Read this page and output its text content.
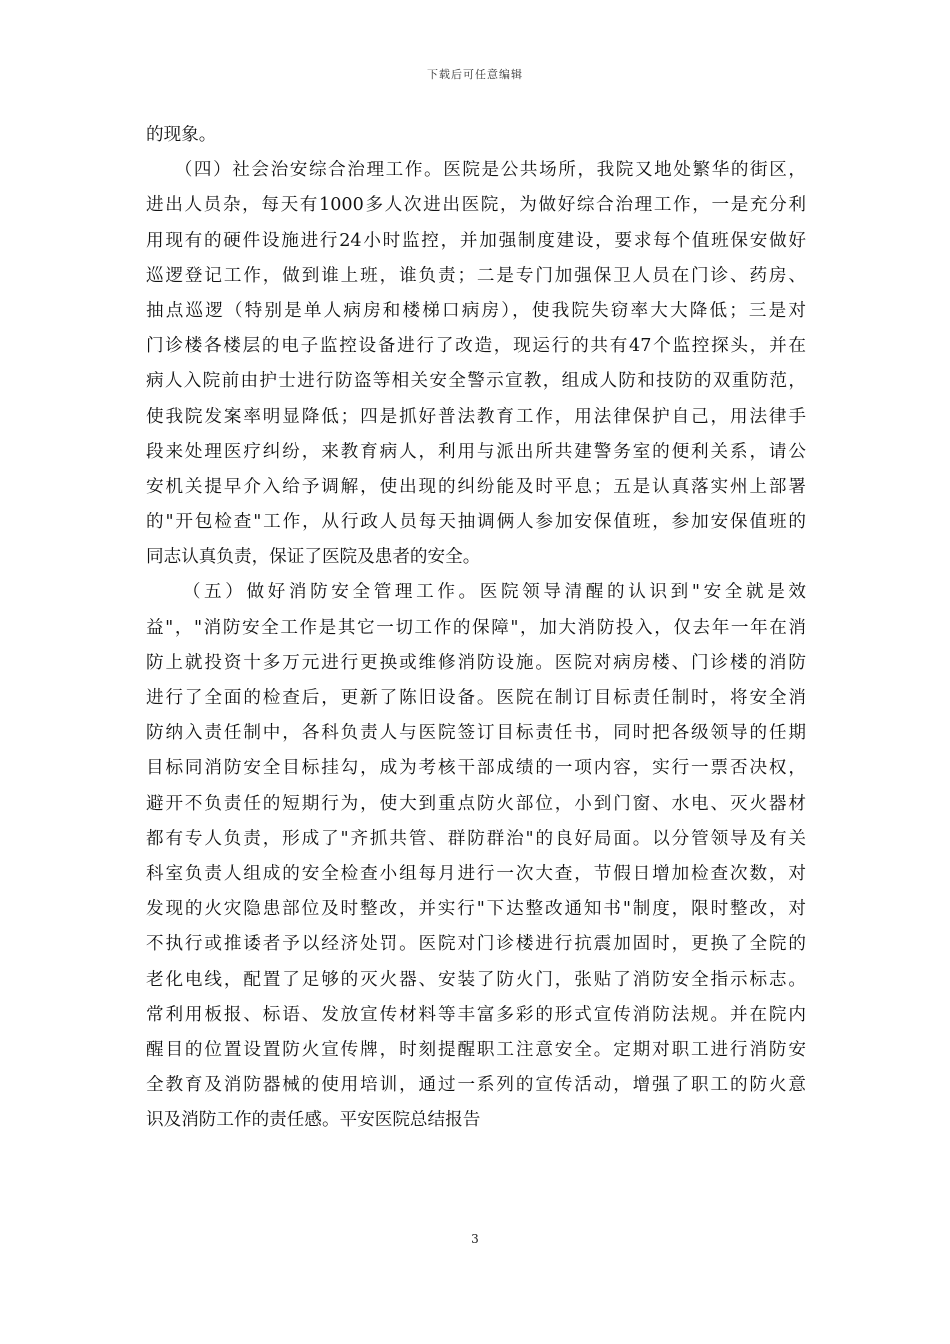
下载后可任意编辑
的现象。
（四）社会治安综合治理工作。医院是公共场所，我院又地处繁华的街区，
进出人员杂，每天有1000多人次进出医院，为做好综合治理工作，一是充分利
用现有的硬件设施进行24小时监控，并加强制度建设，要求每个值班保安做好
巡逻登记工作，做到谁上班，谁负责；二是专门加强保卫人员在门诊、药房、
抽点巡逻（特别是单人病房和楼梯口病房），使我院失窃率大大降低；三是对
门诊楼各楼层的电子监控设备进行了改造，现运行的共有47个监控探头，并在
病人入院前由护士进行防盗等相关安全警示宣教，组成人防和技防的双重防范，
使我院发案率明显降低；四是抓好普法教育工作，用法律保护自己，用法律手
段来处理医疗纠纷，来教育病人，利用与派出所共建警务室的便利关系，请公
安机关提早介入给予调解，使出现的纠纷能及时平息；五是认真落实州上部署
的"开包检查"工作，从行政人员每天抽调俩人参加安保值班，参加安保值班的
同志认真负责，保证了医院及患者的安全。
（五）做好消防安全管理工作。医院领导清醒的认识到"安全就是效
益"，"消防安全工作是其它一切工作的保障"，加大消防投入，仅去年一年在消
防上就投资十多万元进行更换或维修消防设施。医院对病房楼、门诊楼的消防
进行了全面的检查后，更新了陈旧设备。医院在制订目标责任制时，将安全消
防纳入责任制中，各科负责人与医院签订目标责任书，同时把各级领导的任期
目标同消防安全目标挂勾，成为考核干部成绩的一项内容，实行一票否决权，
避开不负责任的短期行为，使大到重点防火部位，小到门窗、水电、灭火器材
都有专人负责，形成了"齐抓共管、群防群治"的良好局面。以分管领导及有关
科室负责人组成的安全检查小组每月进行一次大查，节假日增加检查次数，对
发现的火灾隐患部位及时整改，并实行"下达整改通知书"制度，限时整改，对
不执行或推诿者予以经济处罚。医院对门诊楼进行抗震加固时，更换了全院的
老化电线，配置了足够的灭火器、安装了防火门，张贴了消防安全指示标志。
常利用板报、标语、发放宣传材料等丰富多彩的形式宣传消防法规。并在院内
醒目的位置设置防火宣传牌，时刻提醒职工注意安全。定期对职工进行消防安
全教育及消防器械的使用培训，通过一系列的宣传活动，增强了职工的防火意
识及消防工作的责任感。平安医院总结报告
3
